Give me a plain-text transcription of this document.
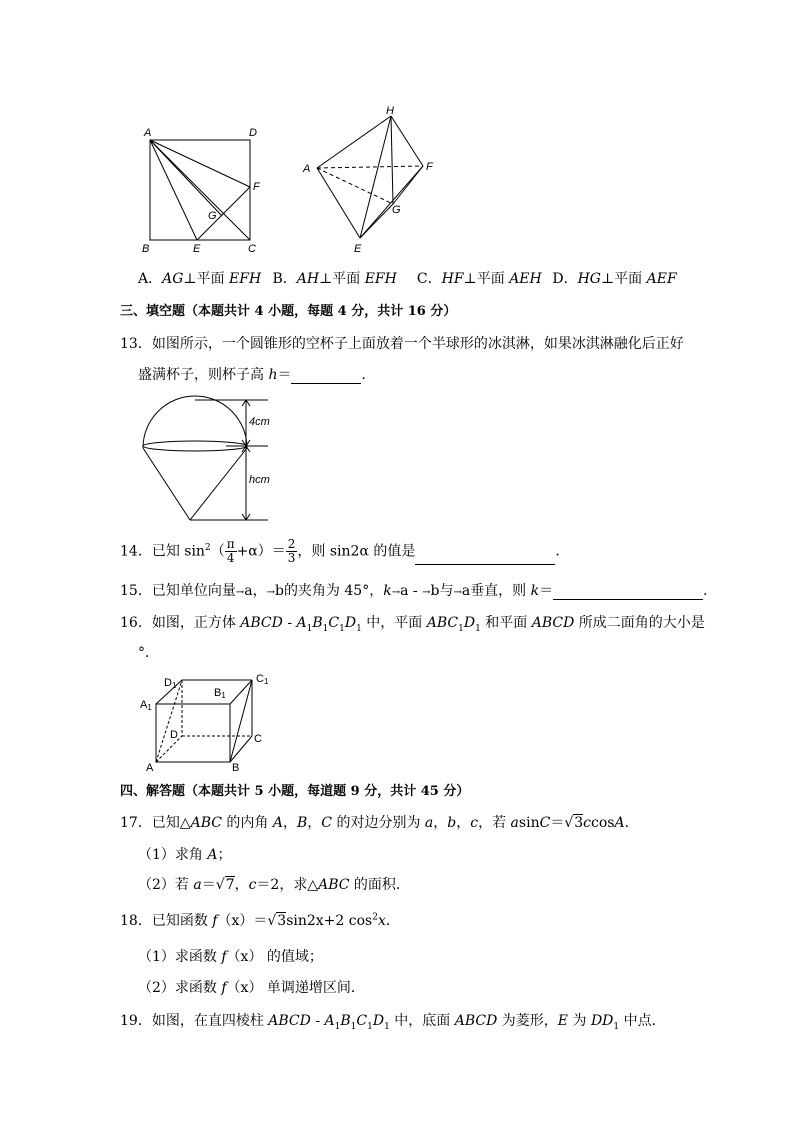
A	D
F
G
B	E	C
H
A	F
G
E
A．AG⊥平面 EFH B．AH⊥平面 EFH C．HF⊥平面 AEH D．HG⊥平面 AEF
三、填空题（本题共计 4 小题，每题 4 分，共计 16 分）
13．如图所示，一个圆锥形的空杯子上面放着一个半球形的冰淇淋，如果冰淇淋融化后正好
盛满杯子，则杯子高 h＝	．
4cm
hcm
14．已知 $\sin^2( \frac{\pi}{4} +\alpha)= \frac{2}{3}$ ，则 sin2α 的值是	．
15．已知单位向量→a，→b的夹角为 45°，k→a - →b与→a垂直，则 k＝	．
16．如图，正方体 ABCD - $A_1B_1C_1D_1$ 中，平面 $ABC_1D_1$ 和平面 ABCD 所成二面角的大小是
°．
D1
B1
C1
A1
D	C
A	B
四、解答题（本题共计 5 小题，每道题 9 分，共计 45 分）
17．已知△ABC 的内角 A，B，C 的对边分别为 a，b，c，若 asinC＝√3ccosA．
（1）求角 A；
（2）若 a＝√7，c＝2，求△ABC 的面积．
18．已知函数 f（x）＝√3sin2x+2 $\cos^2x$．
（1）求函数 f（x） 的值域；
（2）求函数 f（x） 单调递增区间．
19．如图，在直四棱柱 ABCD - $A_1B_1C_1D_1$ 中，底面 ABCD 为菱形，E 为 $DD_1$ 中点．
